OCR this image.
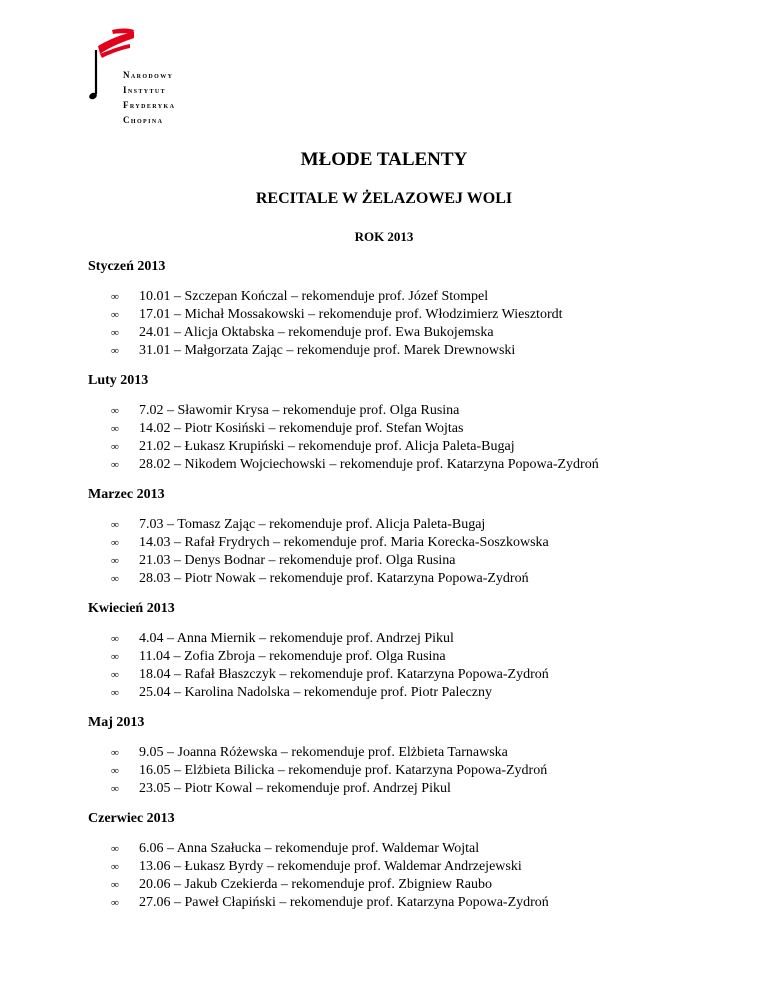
Narodowy
Instytut
Fryderyka
Chopina
MŁODE TALENTY
RECITALE W ŻELAZOWEJ WOLI
ROK 2013
Styczeń 2013
∞ 10.01 – Szczepan Kończal – rekomenduje prof. Józef Stompel
∞ 17.01 – Michał Mossakowski – rekomenduje prof. Włodzimierz Wiesztordt
∞ 24.01 – Alicja Oktabska – rekomenduje prof. Ewa Bukojemska
∞ 31.01 – Małgorzata Zając – rekomenduje prof. Marek Drewnowski
Luty 2013
∞ 7.02 – Sławomir Krysa – rekomenduje prof. Olga Rusina
∞ 14.02 – Piotr Kosiński – rekomenduje prof. Stefan Wojtas
∞ 21.02 – Łukasz Krupiński – rekomenduje prof. Alicja Paleta-Bugaj
∞ 28.02 – Nikodem Wojciechowski – rekomenduje prof. Katarzyna Popowa-Zydroń
Marzec 2013
∞ 7.03 – Tomasz Zając – rekomenduje prof. Alicja Paleta-Bugaj
∞ 14.03 – Rafał Frydrych – rekomenduje prof. Maria Korecka-Soszkowska
∞ 21.03 – Denys Bodnar – rekomenduje prof. Olga Rusina
∞ 28.03 – Piotr Nowak – rekomenduje prof. Katarzyna Popowa-Zydroń
Kwiecień 2013
∞ 4.04 – Anna Miernik – rekomenduje prof. Andrzej Pikul
∞ 11.04 – Zofia Zbroja – rekomenduje prof. Olga Rusina
∞ 18.04 – Rafał Błaszczyk – rekomenduje prof. Katarzyna Popowa-Zydroń
∞ 25.04 – Karolina Nadolska – rekomenduje prof. Piotr Paleczny
Maj 2013
∞ 9.05 – Joanna Różewska – rekomenduje prof. Elżbieta Tarnawska
∞ 16.05 – Elżbieta Bilicka – rekomenduje prof. Katarzyna Popowa-Zydroń
∞ 23.05 – Piotr Kowal – rekomenduje prof. Andrzej Pikul
Czerwiec 2013
∞ 6.06 – Anna Szałucka – rekomenduje prof. Waldemar Wojtal
∞ 13.06 – Łukasz Byrdy – rekomenduje prof. Waldemar Andrzejewski
∞ 20.06 – Jakub Czekierda – rekomenduje prof. Zbigniew Raubo
∞ 27.06 – Paweł Cłapiński – rekomenduje prof. Katarzyna Popowa-Zydroń
